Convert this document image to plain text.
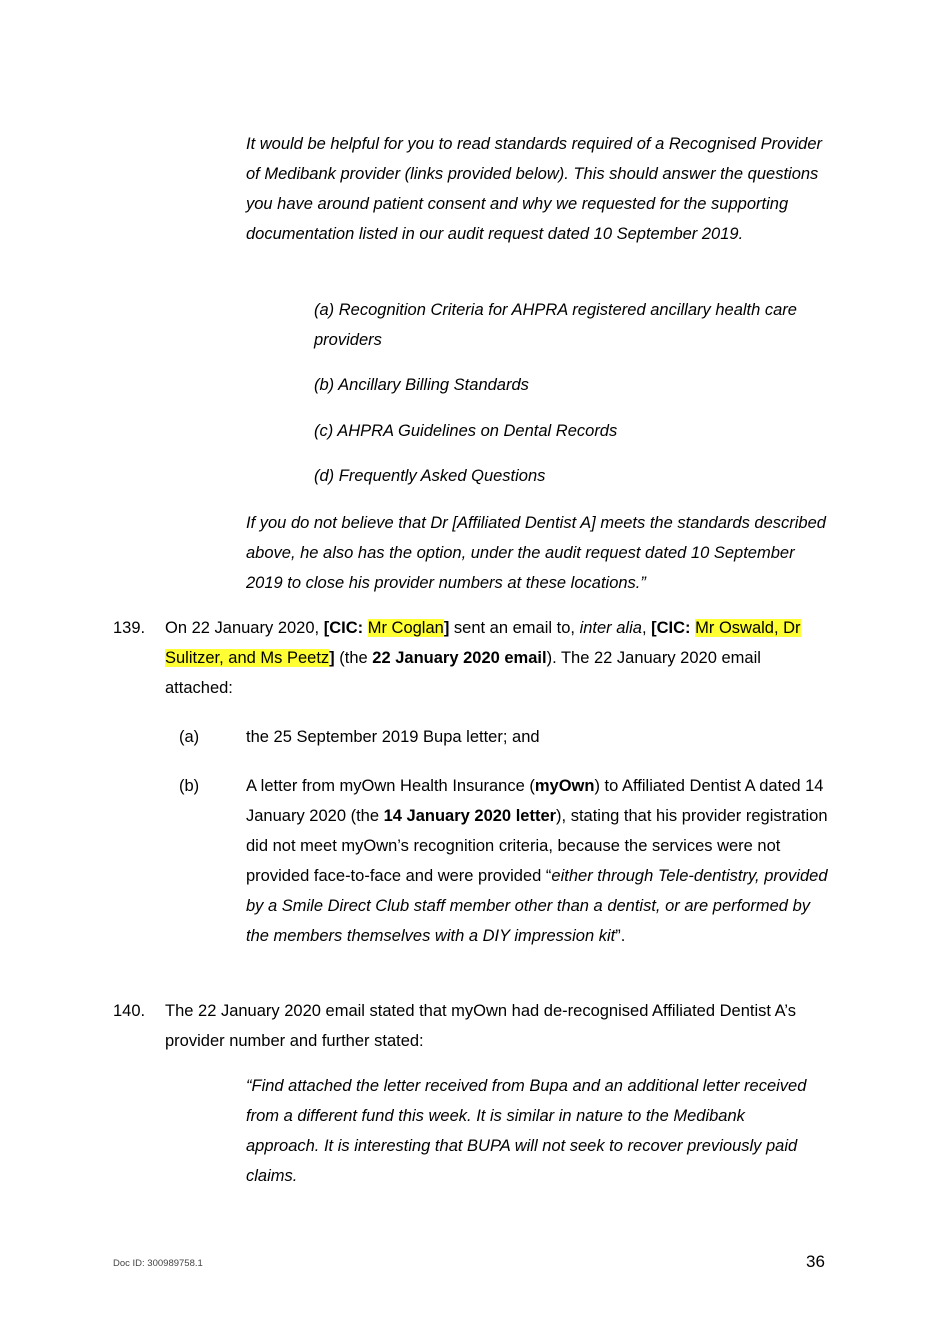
It would be helpful for you to read standards required of a Recognised Provider of Medibank provider (links provided below). This should answer the questions you have around patient consent and why we requested for the supporting documentation listed in our audit request dated 10 September 2019.

(a) Recognition Criteria for AHPRA registered ancillary health care providers

(b) Ancillary Billing Standards

(c) AHPRA Guidelines on Dental Records

(d) Frequently Asked Questions

If you do not believe that Dr [Affiliated Dentist A] meets the standards described above, he also has the option, under the audit request dated 10 September 2019 to close his provider numbers at these locations.”

139. On 22 January 2020, [CIC: Mr Coglan] sent an email to, inter alia, [CIC: Mr Oswald, Dr Sulitzer, and Ms Peetz] (the 22 January 2020 email). The 22 January 2020 email attached:

(a)	the 25 September 2019 Bupa letter; and

(b)	A letter from myOwn Health Insurance (myOwn) to Affiliated Dentist A dated 14 January 2020 (the 14 January 2020 letter), stating that his provider registration did not meet myOwn’s recognition criteria, because the services were not provided face-to-face and were provided “either through Tele-dentistry, provided by a Smile Direct Club staff member other than a dentist, or are performed by the members themselves with a DIY impression kit”.

140. The 22 January 2020 email stated that myOwn had de-recognised Affiliated Dentist A’s provider number and further stated:

“Find attached the letter received from Bupa and an additional letter received from a different fund this week. It is similar in nature to the Medibank approach. It is interesting that BUPA will not seek to recover previously paid claims.

Doc ID: 300989758.1	36
